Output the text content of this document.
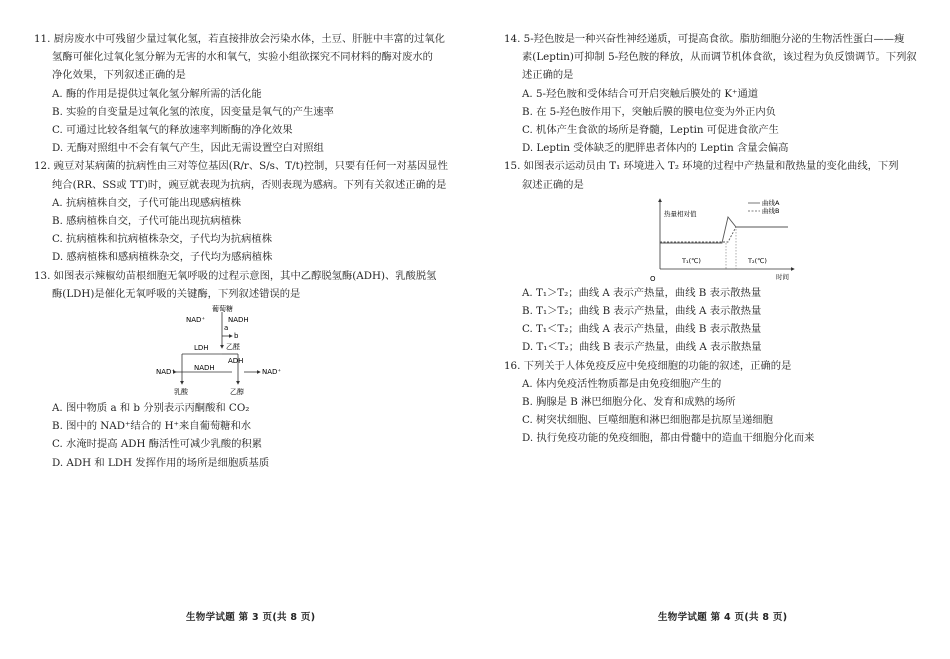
11. 厨房废水中可残留少量过氧化氢，若直接排放会污染水体，土豆、肝脏中丰富的过氧化

氢酶可催化过氧化氢分解为无害的水和氧气，实验小组欲探究不同材料的酶对废水的

净化效果，下列叙述正确的是

A. 酶的作用是提供过氧化氢分解所需的活化能

B. 实验的自变量是过氧化氢的浓度，因变量是氧气的产生速率

C. 可通过比较各组氧气的释放速率判断酶的净化效果

D. 无酶对照组中不会有氧气产生，因此无需设置空白对照组

12. 豌豆对某病菌的抗病性由三对等位基因(R/r、S/s、T/t)控制，只要有任何一对基因显性

纯合(RR、SS或 TT)时，豌豆就表现为抗病，否则表现为感病。下列有关叙述正确的是

A. 抗病植株自交，子代可能出现感病植株

B. 感病植株自交，子代可能出现抗病植株

C. 抗病植株和抗病植株杂交，子代均为抗病植株

D. 感病植株和感病植株杂交，子代均为感病植株

13. 如图表示辣椒幼苗根细胞无氧呼吸的过程示意图，其中乙醇脱氢酶(ADH)、乳酸脱氢

酶(LDH)是催化无氧呼吸的关键酶，下列叙述错误的是

葡萄糖
NAD⁺	NADH
a
b
LDH 乙醛
ADH
NAD⁺	NADH	NAD⁺
乳酸	乙醇

A. 图中物质 a 和 b 分别表示丙酮酸和 CO₂

B. 图中的 NAD⁺结合的 H⁺来自葡萄糖和水

C. 水淹时提高 ADH 酶活性可减少乳酸的积累

D. ADH 和 LDH 发挥作用的场所是细胞质基质

14. 5-羟色胺是一种兴奋性神经递质，可提高食欲。脂肪细胞分泌的生物活性蛋白——瘦

素(Leptin)可抑制 5-羟色胺的释放，从而调节机体食欲，该过程为负反馈调节。下列叙

述正确的是

A. 5-羟色胺和受体结合可开启突触后膜处的 K⁺通道

B. 在 5-羟色胺作用下，突触后膜的膜电位变为外正内负

C. 机体产生食欲的场所是脊髓，Leptin 可促进食欲产生

D. Leptin 受体缺乏的肥胖患者体内的 Leptin 含量会偏高

15. 如图表示运动员由 T₁ 环境进入 T₂ 环境的过程中产热量和散热量的变化曲线，下列

叙述正确的是

O
热量相对值
时间
曲线A
曲线B
T₁(℃)	T₂(℃)

A. T₁＞T₂；曲线 A 表示产热量，曲线 B 表示散热量

B. T₁＞T₂；曲线 B 表示产热量，曲线 A 表示散热量

C. T₁＜T₂；曲线 A 表示产热量，曲线 B 表示散热量

D. T₁＜T₂；曲线 B 表示产热量，曲线 A 表示散热量

16. 下列关于人体免疫反应中免疫细胞的功能的叙述，正确的是

A. 体内免疫活性物质都是由免疫细胞产生的

B. 胸腺是 B 淋巴细胞分化、发育和成熟的场所

C. 树突状细胞、巨噬细胞和淋巴细胞都是抗原呈递细胞

D. 执行免疫功能的免疫细胞，都由骨髓中的造血干细胞分化而来

生物学试题 第 3 页(共 8 页)	生物学试题 第 4 页(共 8 页)
